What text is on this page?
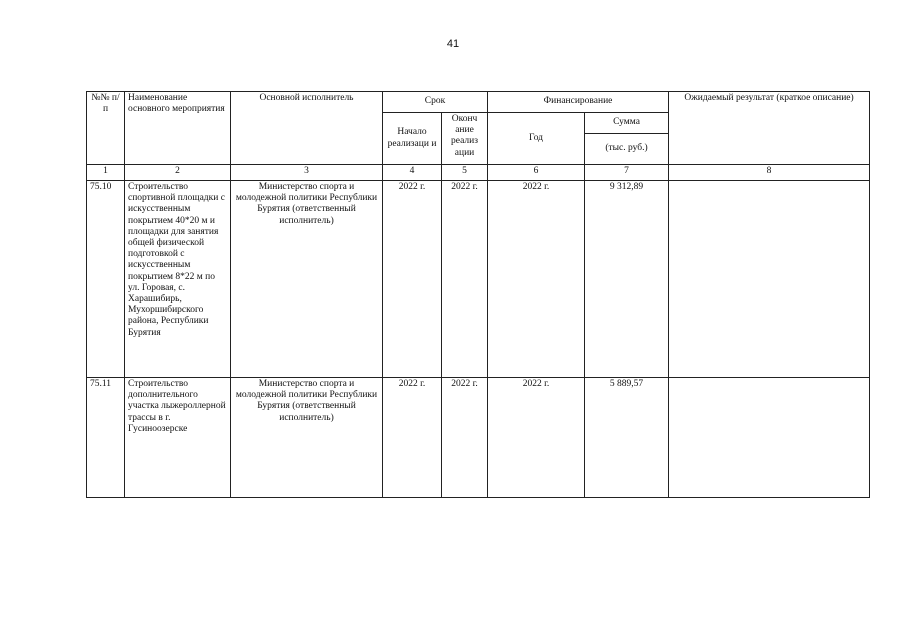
41
№№ п/п	Наименование основного мероприятия	Основной исполнитель	Срок		Финансирование		Ожидаемый результат (краткое описание)
			Начало реализаци и	Оконч ание реализ ации	Год	Сумма	
						(тыс. руб.)	
1	2	3	4	5	6	7	8
75.10	Строительство спортивной площадки с искусственным покрытием 40*20 м и площадки для занятия общей физической подготовкой с искусственным покрытием 8*22 м по ул. Горовая, с. Харашибирь, Мухоршибирского района, Республики Бурятия	Министерство спорта и молодежной политики Республики Бурятия (ответственный исполнитель)	2022 г.	2022 г.	2022 г.	9 312,89	
75.11	Строительство дополнительного участка лыжероллерной трассы в г. Гусиноозерске	Министерство спорта и молодежной политики Республики Бурятия (ответственный исполнитель)	2022 г.	2022 г.	2022 г.	5 889,57	
